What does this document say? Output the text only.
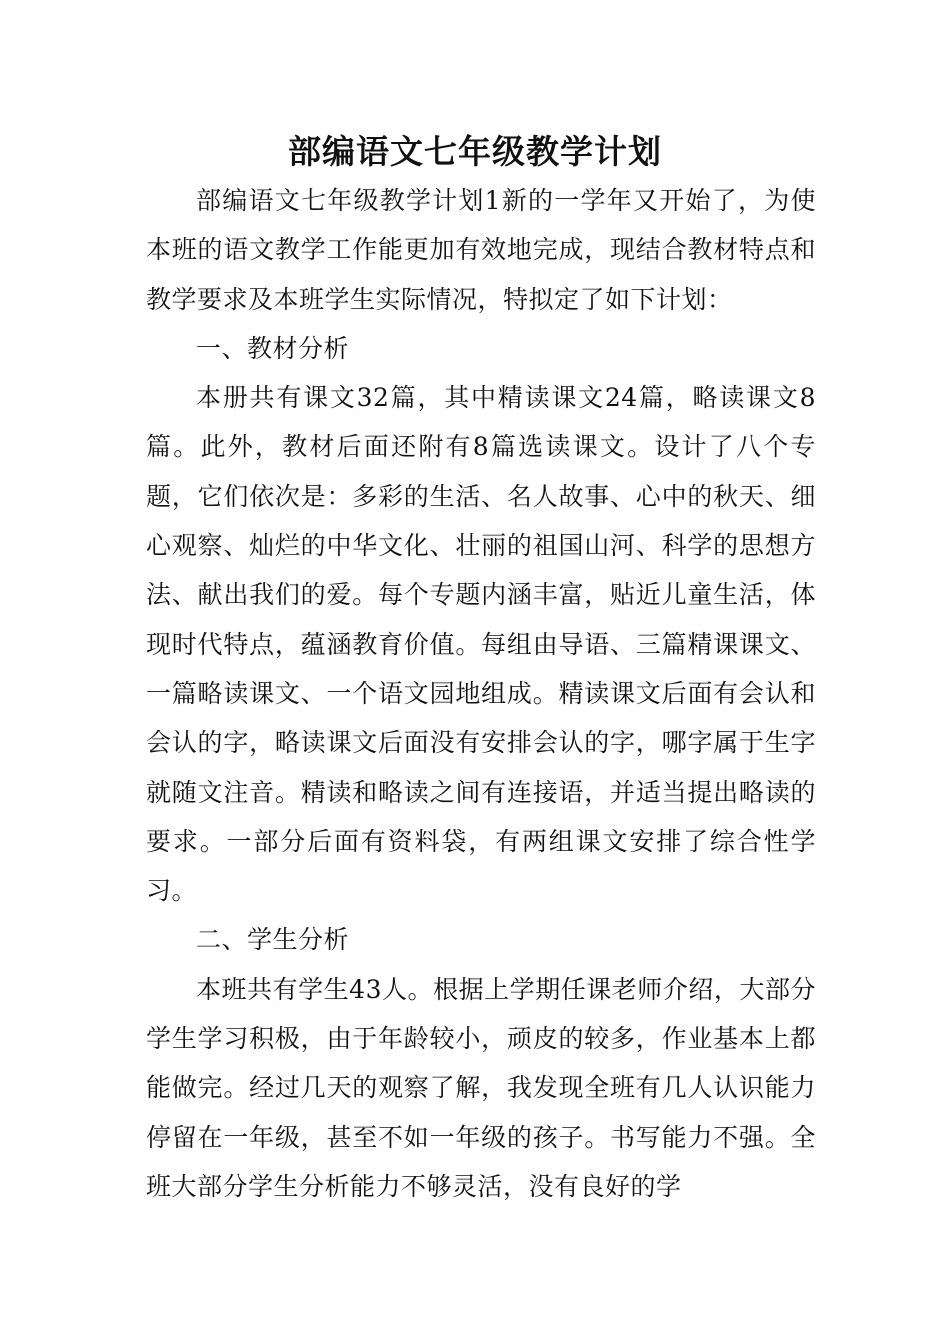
部编语文七年级教学计划

部编语文七年级教学计划1新的一学年又开始了，为使本班的语文教学工作能更加有效地完成，现结合教材特点和教学要求及本班学生实际情况，特拟定了如下计划：

一、教材分析

本册共有课文32篇，其中精读课文24篇，略读课文8篇。此外，教材后面还附有8篇选读课文。设计了八个专题，它们依次是：多彩的生活、名人故事、心中的秋天、细心观察、灿烂的中华文化、壮丽的祖国山河、科学的思想方法、献出我们的爱。每个专题内涵丰富，贴近儿童生活，体现时代特点，蕴涵教育价值。每组由导语、三篇精课课文、一篇略读课文、一个语文园地组成。精读课文后面有会认和会认的字，略读课文后面没有安排会认的字，哪字属于生字就随文注音。精读和略读之间有连接语，并适当提出略读的要求。一部分后面有资料袋，有两组课文安排了综合性学习。

二、学生分析

本班共有学生43人。根据上学期任课老师介绍，大部分学生学习积极，由于年龄较小，顽皮的较多，作业基本上都能做完。经过几天的观察了解，我发现全班有几人认识能力停留在一年级，甚至不如一年级的孩子。书写能力不强。全班大部分学生分析能力不够灵活，没有良好的学
